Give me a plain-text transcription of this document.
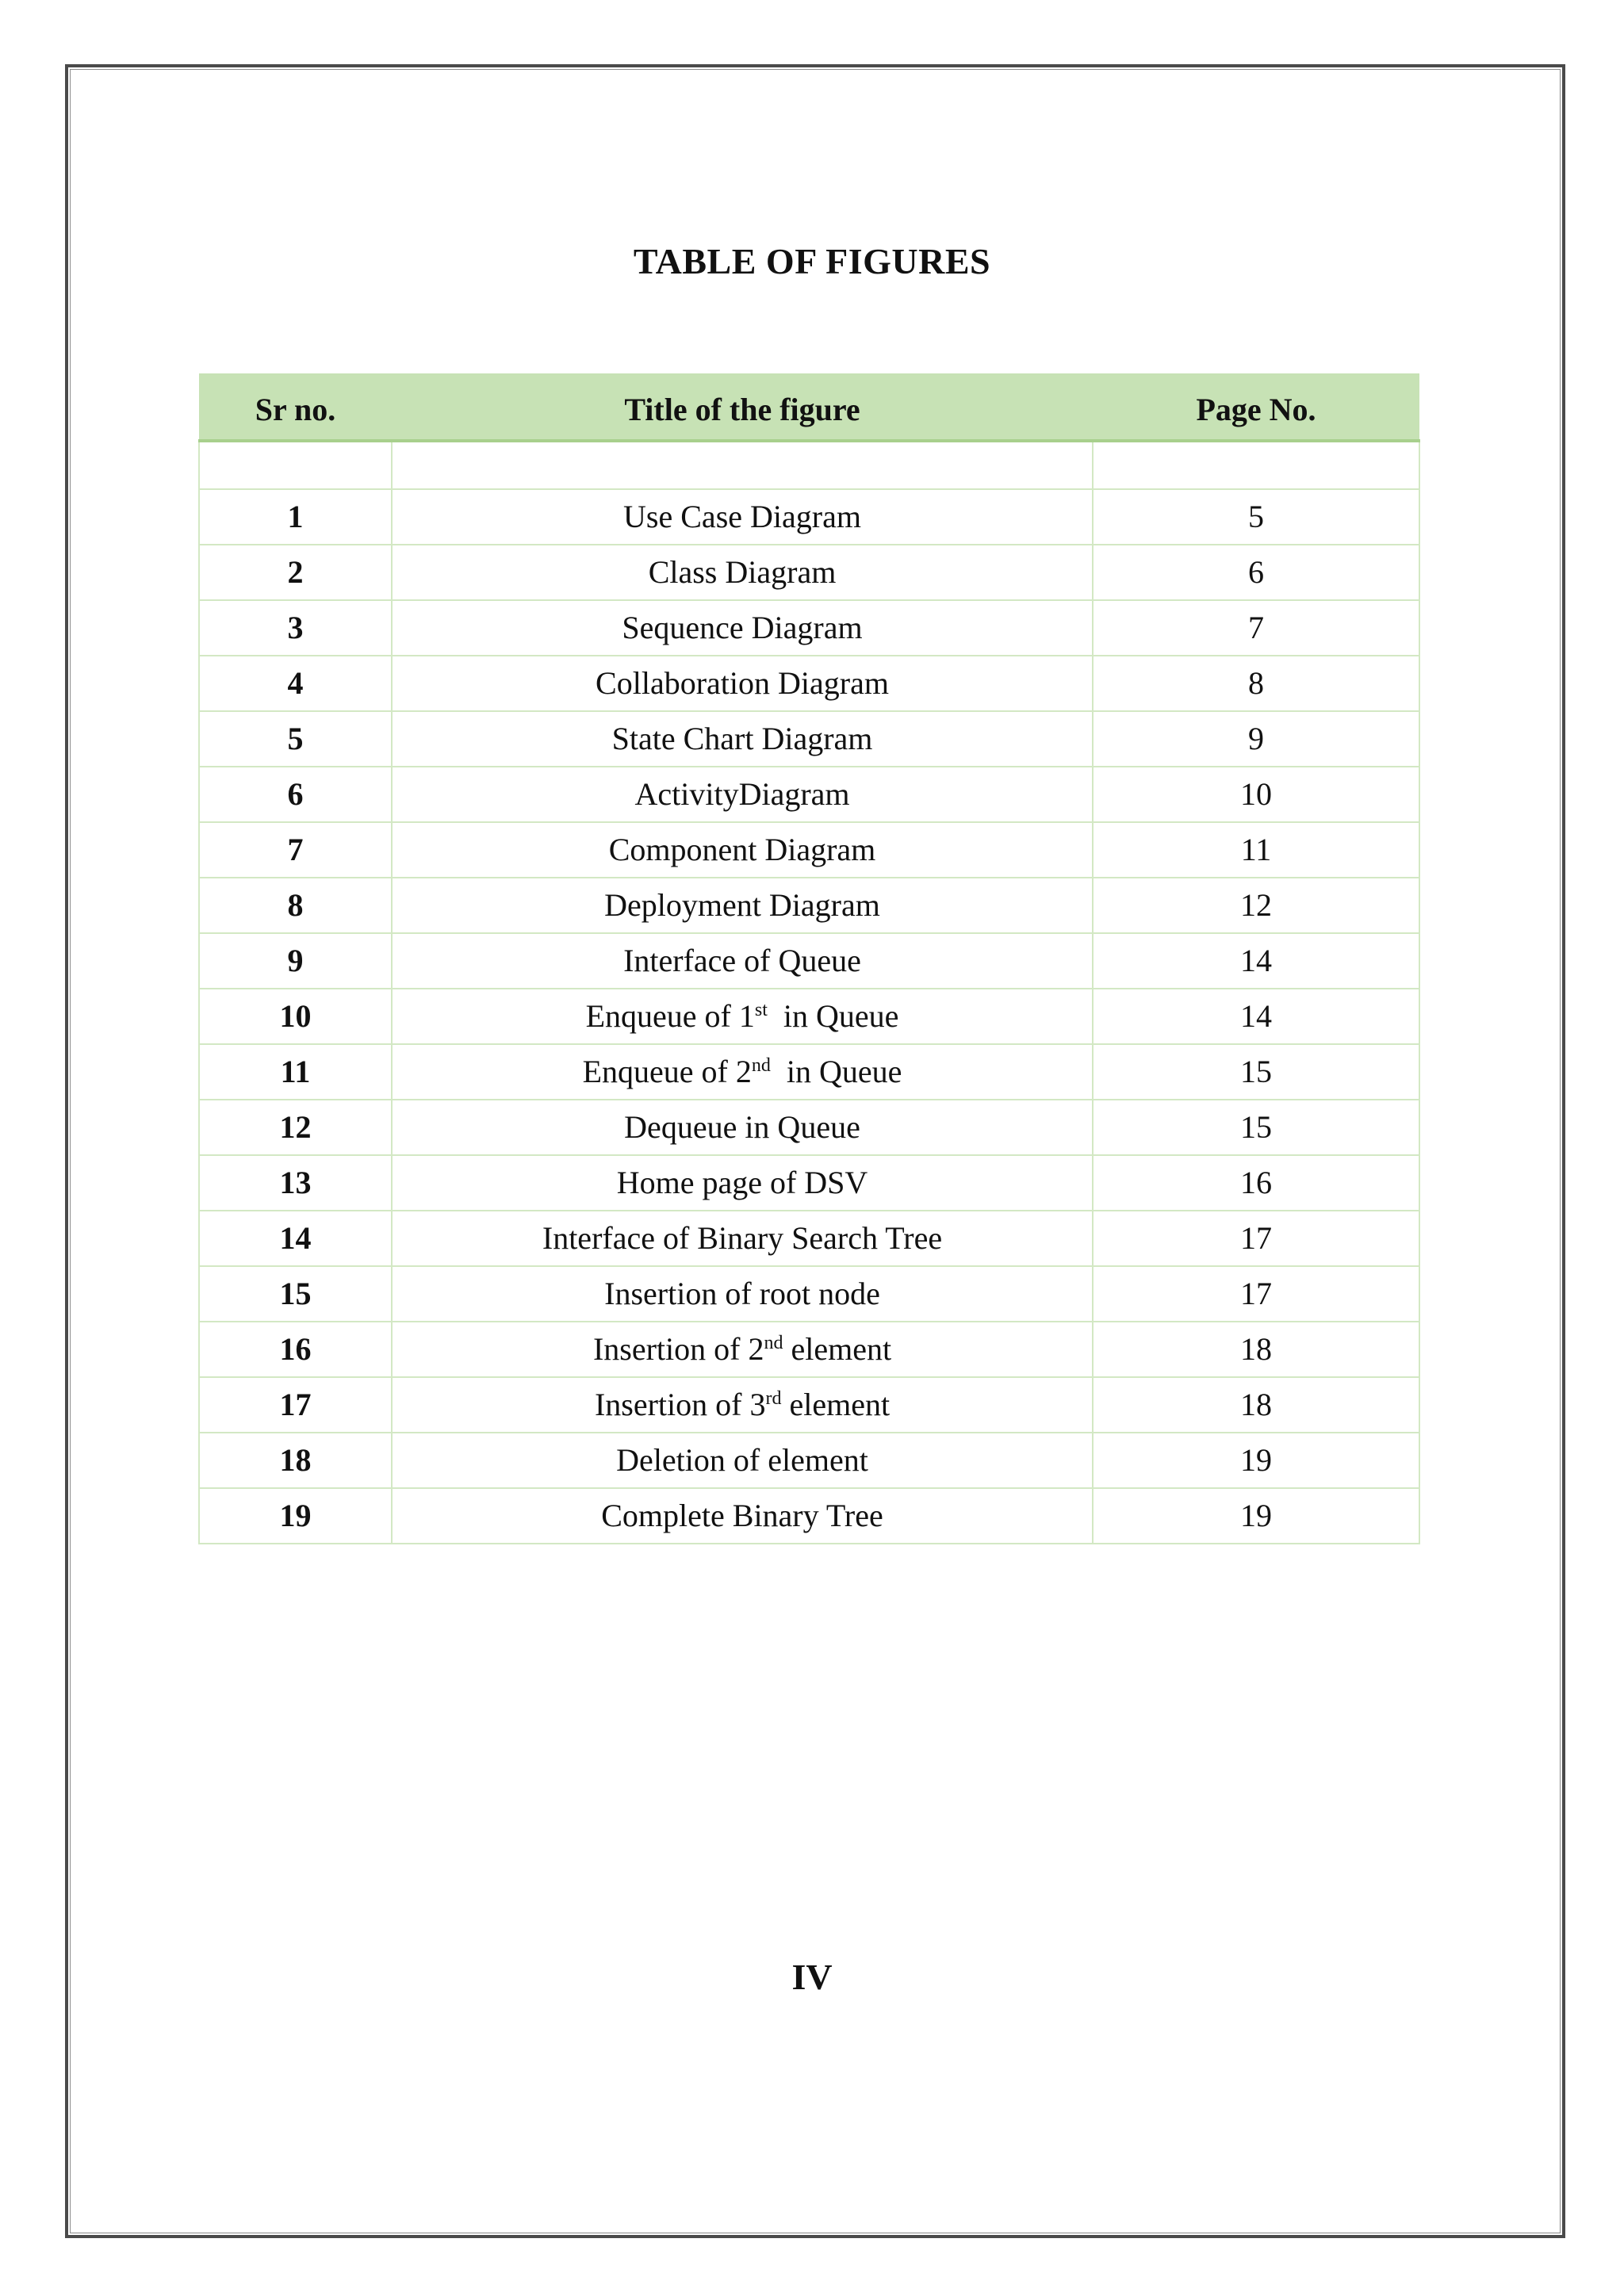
TABLE OF FIGURES
Sr no.	Title of the figure	Page No.

1	Use Case Diagram	5
2	Class Diagram	6
3	Sequence Diagram	7
4	Collaboration Diagram	8
5	State Chart Diagram	9
6	ActivityDiagram	10
7	Component Diagram	11
8	Deployment Diagram	12
9	Interface of Queue	14
10	Enqueue of 1st  in Queue	14
11	Enqueue of 2nd  in Queue	15
12	Dequeue in Queue	15
13	Home page of DSV	16
14	Interface of Binary Search Tree	17
15	Insertion of root node	17
16	Insertion of 2nd element	18
17	Insertion of 3rd element	18
18	Deletion of element	19
19	Complete Binary Tree	19
IV
